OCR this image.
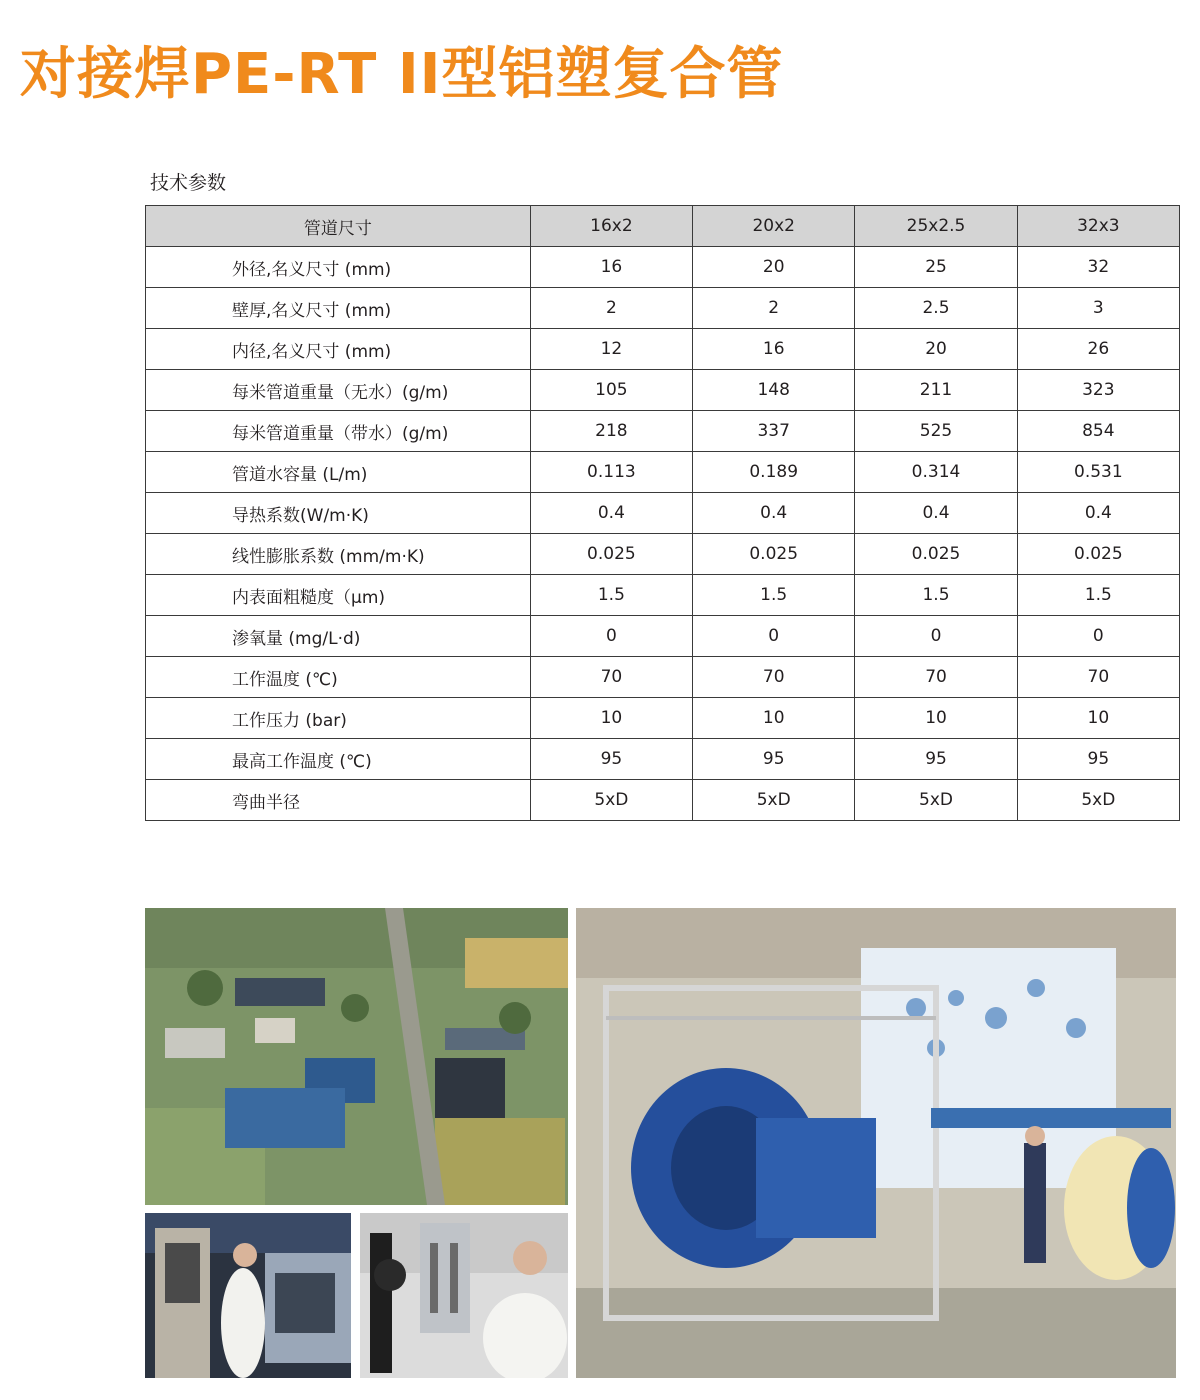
对接焊PE-RT II型铝塑复合管
技术参数
管道尺寸	16x2	20x2	25x2.5	32x3
外径,名义尺寸 (mm)	16	20	25	32
壁厚,名义尺寸 (mm)	2	2	2.5	3
内径,名义尺寸 (mm)	12	16	20	26
每米管道重量（无水）(g/m)	105	148	211	323
每米管道重量（带水）(g/m)	218	337	525	854
管道水容量 (L/m)	0.113	0.189	0.314	0.531
导热系数(W/m·K)	0.4	0.4	0.4	0.4
线性膨胀系数 (mm/m·K)	0.025	0.025	0.025	0.025
内表面粗糙度（μm)	1.5	1.5	1.5	1.5
渗氧量 (mg/L·d)	0	0	0	0
工作温度 (℃)	70	70	70	70
工作压力 (bar)	10	10	10	10
最高工作温度 (℃)	95	95	95	95
弯曲半径	5xD	5xD	5xD	5xD
